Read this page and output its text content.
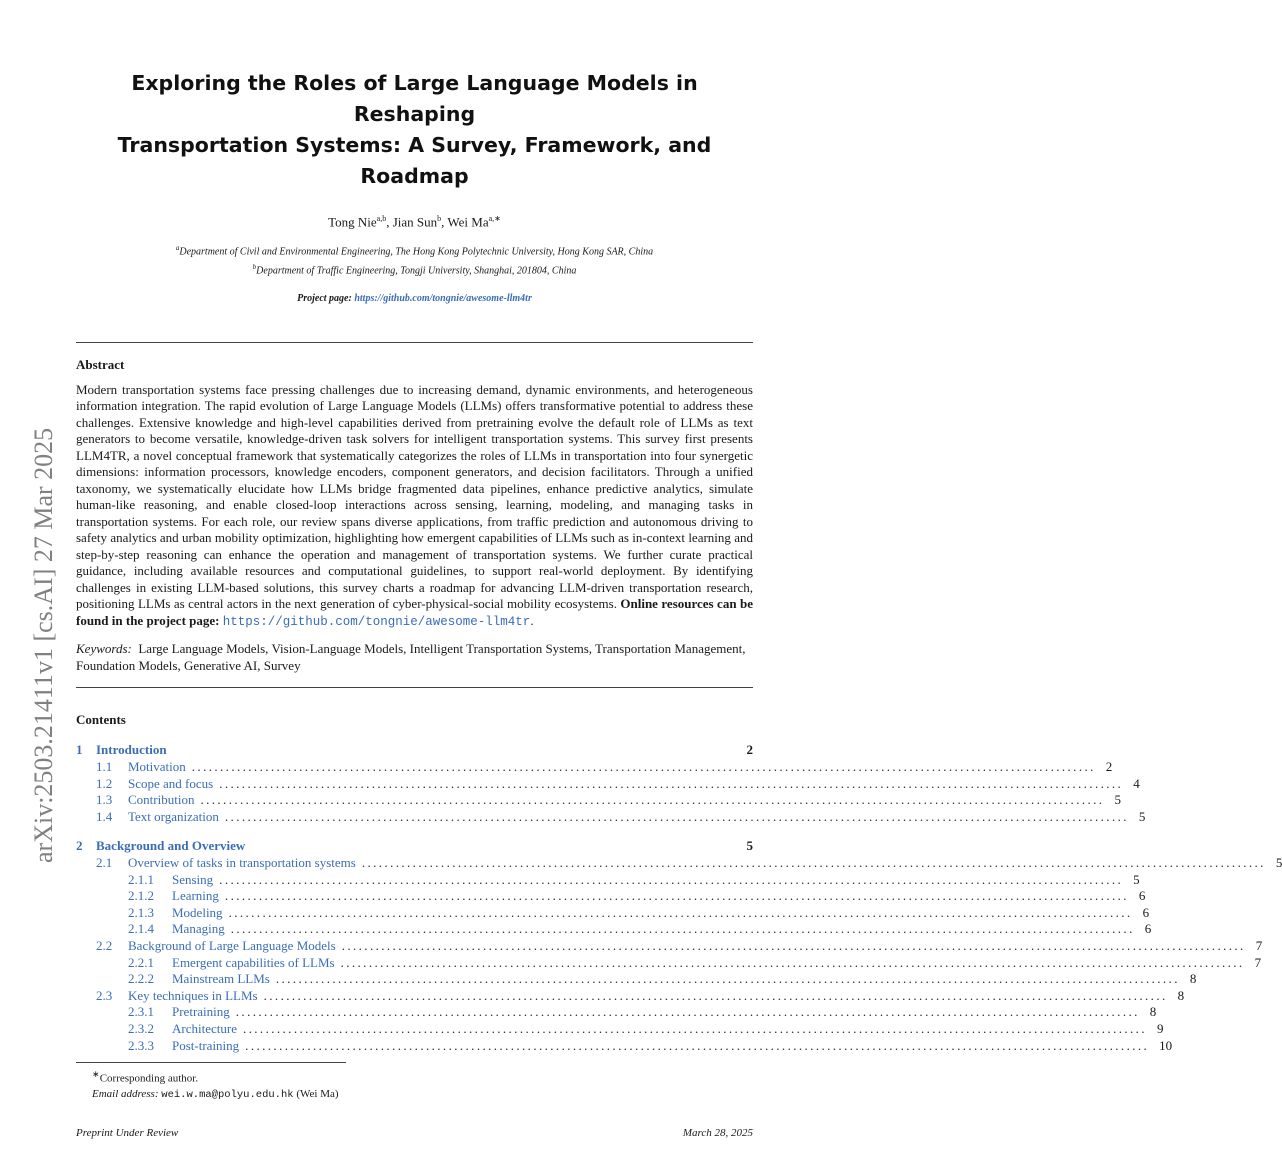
arXiv:2503.21411v1 [cs.AI] 27 Mar 2025
Exploring the Roles of Large Language Models in Reshaping
Transportation Systems: A Survey, Framework, and Roadmap
Tong Nie$^{a,b}$, Jian Sun$^b$, Wei $Ma^{a,∗}$
$^a$Department of Civil and Environmental Engineering, The Hong Kong Polytechnic University, Hong Kong SAR, China
$^b$Department of Traffic Engineering, Tongji University, Shanghai, 201804, China
Project page: https://github.com/tongnie/awesome-llm4tr
Abstract
Modern transportation systems face pressing challenges due to increasing demand, dynamic environments, and heterogeneous information integration. The rapid evolution of Large Language Models (LLMs) offers transformative potential to address these challenges. Extensive knowledge and high-level capabilities derived from pretraining evolve the default role of LLMs as text generators to become versatile, knowledge-driven task solvers for intelligent transportation systems. This survey first presents LLM4TR, a novel conceptual framework that systematically categorizes the roles of LLMs in transportation into four synergetic dimensions: information processors, knowledge encoders, component generators, and decision facilitators. Through a unified taxonomy, we systematically elucidate how LLMs bridge fragmented data pipelines, enhance predictive analytics, simulate human-like reasoning, and enable closed-loop interactions across sensing, learning, modeling, and managing tasks in transportation systems. For each role, our review spans diverse applications, from traffic prediction and autonomous driving to safety analytics and urban mobility optimization, highlighting how emergent capabilities of LLMs such as in-context learning and step-by-step reasoning can enhance the operation and management of transportation systems. We further curate practical guidance, including available resources and computational guidelines, to support real-world deployment. By identifying challenges in existing LLM-based solutions, this survey charts a roadmap for advancing LLM-driven transportation research, positioning LLMs as central actors in the next generation of cyber-physical-social mobility ecosystems. Online resources can be found in the project page: https://github.com/tongnie/awesome-llm4tr.
Keywords: Large Language Models, Vision-Language Models, Intelligent Transportation Systems, Transportation Management, Foundation Models, Generative AI, Survey
Contents
1	Introduction	2
1.1	Motivation ................................................................................................................................................................ 2
1.2	Scope and focus ................................................................................................................................................................ 4
1.3	Contribution ................................................................................................................................................................ 5
1.4	Text organization ................................................................................................................................................................ 5
2	Background and Overview	5
2.1	Overview of tasks in transportation systems ................................................................................................................................................................ 5
2.1.1	Sensing ................................................................................................................................................................ 5
2.1.2	Learning ................................................................................................................................................................ 6
2.1.3	Modeling ................................................................................................................................................................ 6
2.1.4	Managing ................................................................................................................................................................ 6
2.2	Background of Large Language Models ................................................................................................................................................................ 7
2.2.1	Emergent capabilities of LLMs ................................................................................................................................................................ 7
2.2.2	Mainstream LLMs ................................................................................................................................................................ 8
2.3	Key techniques in LLMs ................................................................................................................................................................ 8
2.3.1	Pretraining ................................................................................................................................................................ 8
2.3.2	Architecture ................................................................................................................................................................ 9
2.3.3	Post-training ................................................................................................................................................................ 10
∗Corresponding author.
Email address: wei.w.ma@polyu.edu.hk (Wei Ma)
Preprint Under Review	March 28, 2025
